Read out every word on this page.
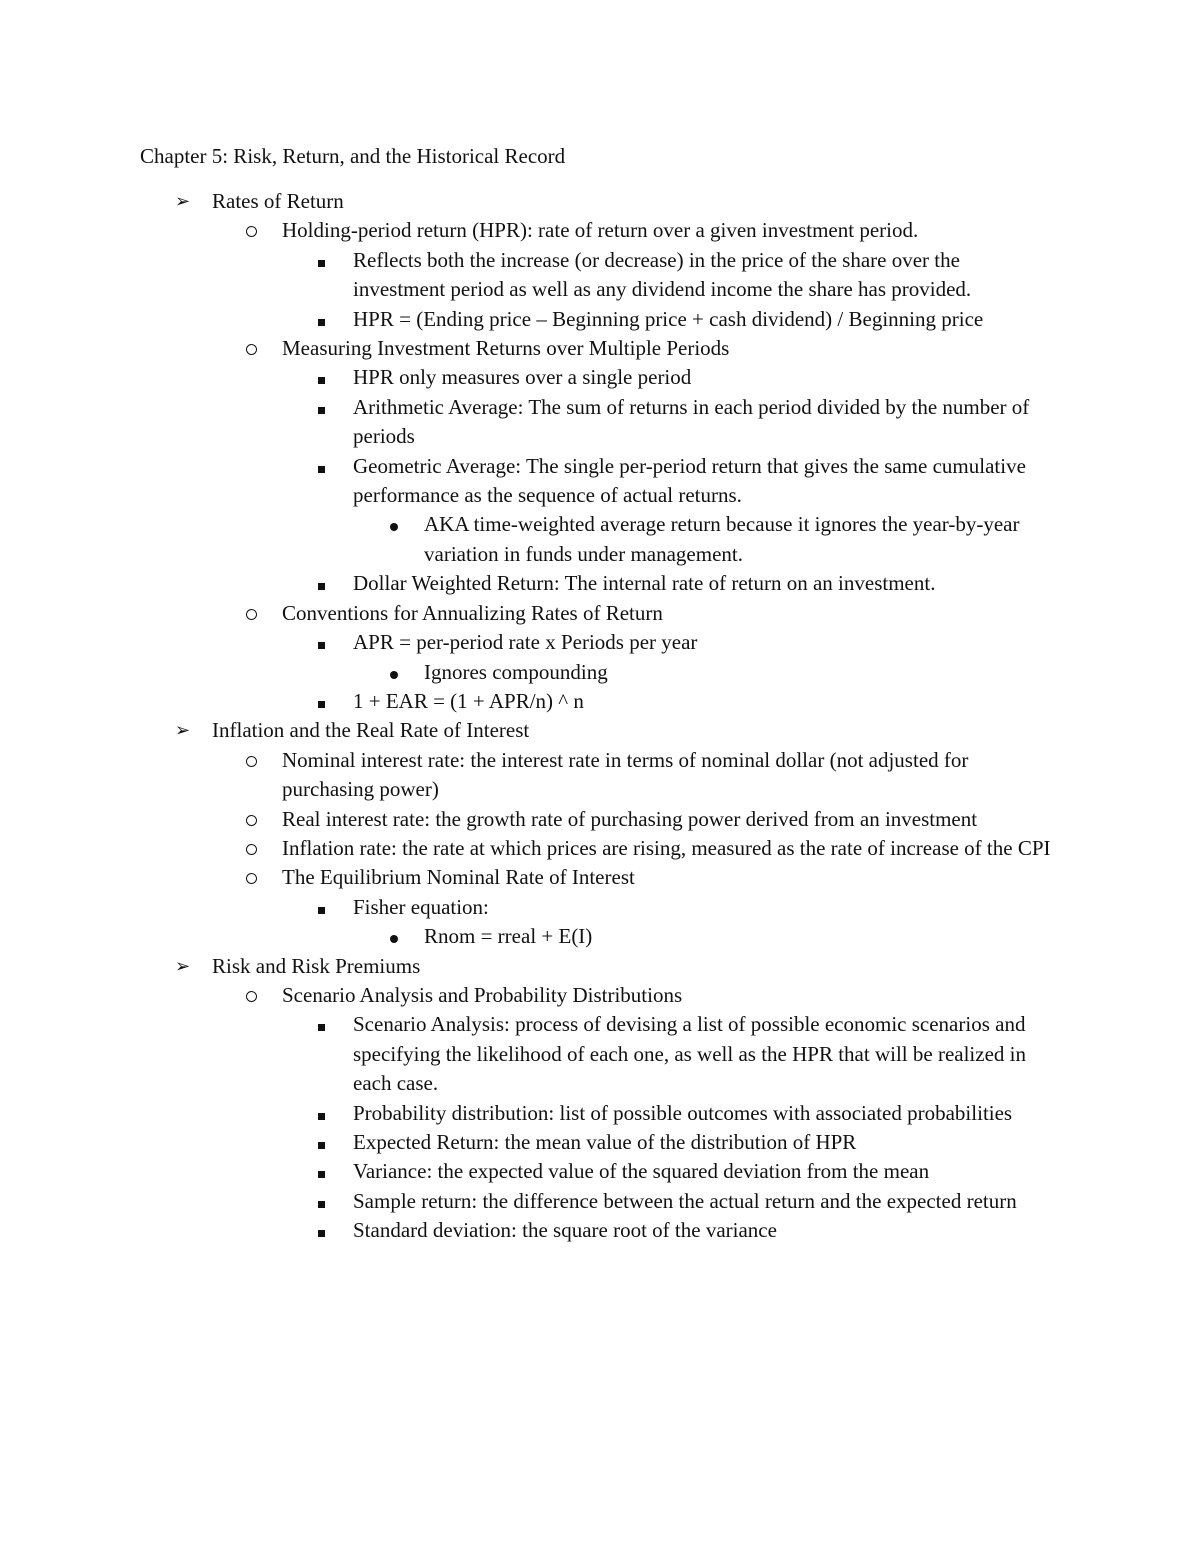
Chapter 5: Risk, Return, and the Historical Record
➢ Rates of Return
Holding-period return (HPR): rate of return over a given investment period.
Reflects both the increase (or decrease) in the price of the share over the investment period as well as any dividend income the share has provided.
HPR = (Ending price – Beginning price + cash dividend) / Beginning price
Measuring Investment Returns over Multiple Periods
HPR only measures over a single period
Arithmetic Average: The sum of returns in each period divided by the number of periods
Geometric Average: The single per-period return that gives the same cumulative performance as the sequence of actual returns.
AKA time-weighted average return because it ignores the year-by-year variation in funds under management.
Dollar Weighted Return: The internal rate of return on an investment.
Conventions for Annualizing Rates of Return
APR = per-period rate x Periods per year
Ignores compounding
1 + EAR = (1 + APR/n) ^ n
➢ Inflation and the Real Rate of Interest
Nominal interest rate: the interest rate in terms of nominal dollar (not adjusted for purchasing power)
Real interest rate: the growth rate of purchasing power derived from an investment
Inflation rate: the rate at which prices are rising, measured as the rate of increase of the CPI
The Equilibrium Nominal Rate of Interest
Fisher equation:
Rnom = rreal + E(I)
➢ Risk and Risk Premiums
Scenario Analysis and Probability Distributions
Scenario Analysis: process of devising a list of possible economic scenarios and specifying the likelihood of each one, as well as the HPR that will be realized in each case.
Probability distribution: list of possible outcomes with associated probabilities
Expected Return: the mean value of the distribution of HPR
Variance: the expected value of the squared deviation from the mean
Sample return: the difference between the actual return and the expected return
Standard deviation: the square root of the variance
